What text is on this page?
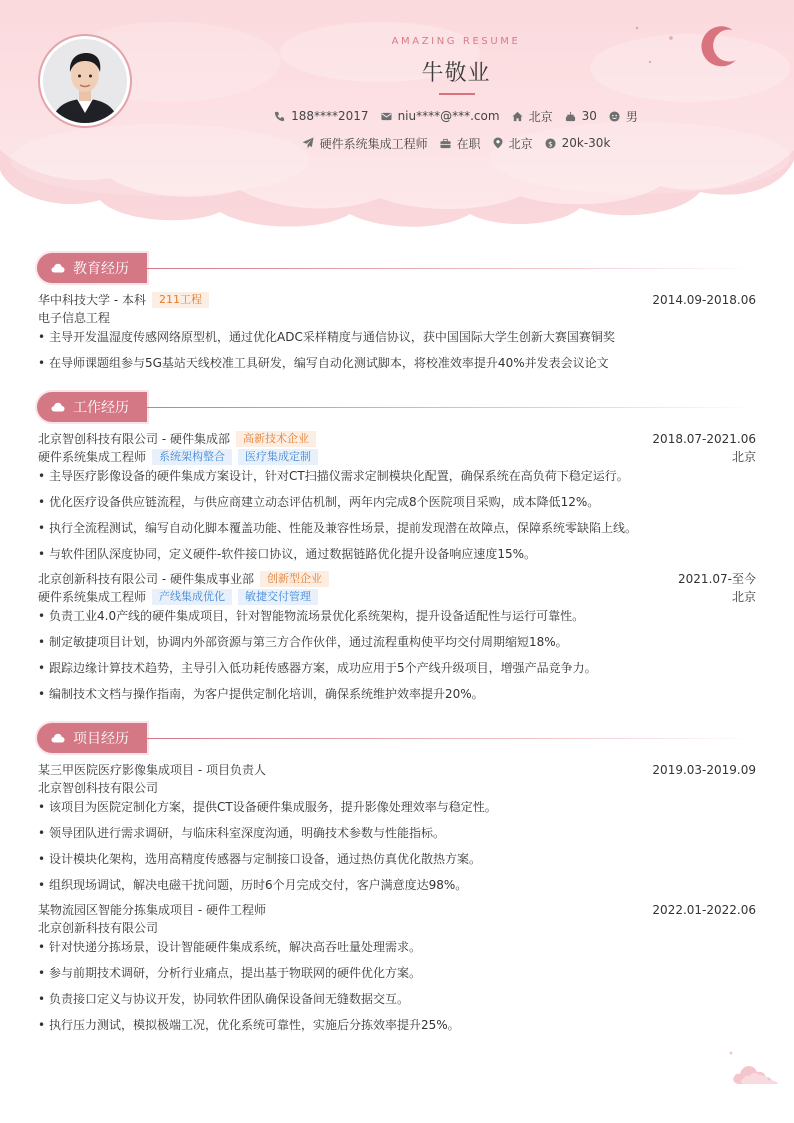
AMAZING RESUME
牛敬业
188****2017 niu****@***.com 北京 30 男
硬件系统集成工程师 在职 北京 $ 20k-30k
教育经历
华中科技大学 - 本科	211工程	2014.09-2018.06
电子信息工程
• 主导开发温湿度传感网络原型机，通过优化ADC采样精度与通信协议，获中国国际大学生创新大赛国赛铜奖
• 在导师课题组参与5G基站天线校准工具研发，编写自动化测试脚本，将校准效率提升40%并发表会议论文
工作经历
北京智创科技有限公司 - 硬件集成部	高新技术企业	2018.07-2021.06
硬件系统集成工程师	系统架构整合	医疗集成定制	北京
• 主导医疗影像设备的硬件集成方案设计，针对CT扫描仪需求定制模块化配置，确保系统在高负荷下稳定运行。
• 优化医疗设备供应链流程，与供应商建立动态评估机制，两年内完成8个医院项目采购，成本降低12%。
• 执行全流程测试，编写自动化脚本覆盖功能、性能及兼容性场景，提前发现潜在故障点，保障系统零缺陷上线。
• 与软件团队深度协同，定义硬件-软件接口协议，通过数据链路优化提升设备响应速度15%。
北京创新科技有限公司 - 硬件集成事业部	创新型企业	2021.07-至今
硬件系统集成工程师	产线集成优化	敏捷交付管理	北京
• 负责工业4.0产线的硬件集成项目，针对智能物流场景优化系统架构，提升设备适配性与运行可靠性。
• 制定敏捷项目计划，协调内外部资源与第三方合作伙伴，通过流程重构使平均交付周期缩短18%。
• 跟踪边缘计算技术趋势，主导引入低功耗传感器方案，成功应用于5个产线升级项目，增强产品竞争力。
• 编制技术文档与操作指南，为客户提供定制化培训，确保系统维护效率提升20%。
项目经历
某三甲医院医疗影像集成项目 - 项目负责人	2019.03-2019.09
北京智创科技有限公司
• 该项目为医院定制化方案，提供CT设备硬件集成服务，提升影像处理效率与稳定性。
• 领导团队进行需求调研，与临床科室深度沟通，明确技术参数与性能指标。
• 设计模块化架构，选用高精度传感器与定制接口设备，通过热仿真优化散热方案。
• 组织现场调试，解决电磁干扰问题，历时6个月完成交付，客户满意度达98%。
某物流园区智能分拣集成项目 - 硬件工程师	2022.01-2022.06
北京创新科技有限公司
• 针对快递分拣场景，设计智能硬件集成系统，解决高吞吐量处理需求。
• 参与前期技术调研，分析行业痛点，提出基于物联网的硬件优化方案。
• 负责接口定义与协议开发，协同软件团队确保设备间无缝数据交互。
• 执行压力测试，模拟极端工况，优化系统可靠性，实施后分拣效率提升25%。
